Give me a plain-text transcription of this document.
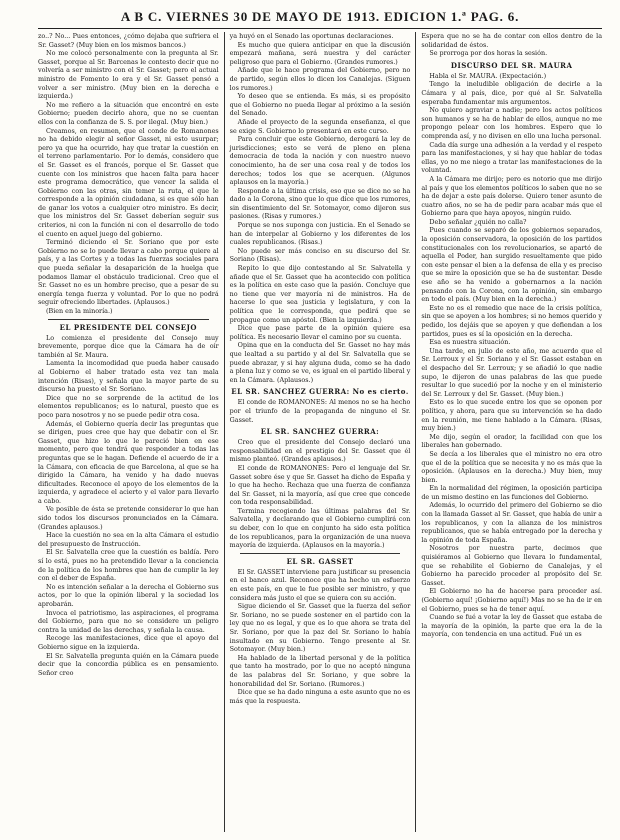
A B C. VIERNES 30 DE MAYO DE 1913. EDICION 1.ª PAG. 6.

zo..? No... Pues entonces, ¿cómo dejaba que sufriera el Sr. Gasset? (Muy bien en los mismos bancos.)

No me colocó personalmente con la pregunta al Sr. Gasset, porque al Sr. Barcenas le contesto decir que no volvería a ser ministro con el Sr. Gasset; pero el actual ministro de Fomento lo era y el Sr. Gasset pensó a volver a ser ministro. (Muy bien en la derecha e izquierda.)

No me refiero a la situación que encontré en este Gobierno; pueden decirlo ahora, que no se cuentan ellos con la confianza de S. S. por ilegal. (Muy bien.)

Creamos, en resumen, que el conde de Romanones no ha debido elegir al señor Gasset, ni esto usurpar; pero ya que ha ocurrido, hay que tratar la cuestión en el terreno parlamentario. Por lo demás, considero que el Sr. Gasset es el francés, porque el Sr. Gasset que cuente con los ministros que hacen falta para hacer este programa democrático, que vencer la salida el Gobierno con las otras, sin temer la ruta, el que le corresponde a la opinión ciudadana, si es que sólo han de ganar los votos a cualquier otro ministro. Es decir, que los ministros del Sr. Gasset deberían seguir sus criterios, ni con la función ni con el desarrollo de todo el cuento en aquel juego del gobierno.

Terminó diciendo el Sr. Soriano que por este Gobierno no se lo puede llevar a cabo porque quiere al país, y a las Cortes y a todas las fuerzas sociales para que pueda señalar la desaparición de la huelga que podamos llamar el obstáculo tradicional. Creo que el Sr. Gasset no es un hombre preciso, que a pesar de su energía tenga fuerza y voluntad. Por lo que no podrá seguir ofreciendo libertades. (Aplausos.)

(Bien en la minoría.)

EL PRESIDENTE DEL CONSEJO

Lo comienza el presidente del Consejo muy brevemente, porque dice que la Cámara ha de oír también al Sr. Maura.

Lamenta la incomodidad que pueda haber causado al Gobierno el haber tratado esta vez tan mala intención (Risas), y señala que la mayor parte de su discurso ha puesto el Sr. Soriano.

Dice que no se sorprende de la actitud de los elementos republicanos; es lo natural, puesto que es poco para nosotros y no se puede pedir otra cosa.

Además, el Gobierno quería decir las preguntas que se dirigen, pues cree que hay que debatir con el Sr. Gasset, que hizo lo que le pareció bien en ese momento, pero que tendrá que responder a todas las preguntas que se le hagan. Defiende el acuerdo de ir a la Cámara, con eficacia de que Barcelona, al que se ha dirigido la Cámara, ha venido y ha dado nuevas dificultades. Reconoce el apoyo de los elementos de la izquierda, y agradece el acierto y el valor para llevarlo a cabo.

Ve posible de ésta se pretende considerar lo que han sido todos los discursos pronunciados en la Cámara. (Grandes aplausos.)

Hace la cuestión no sea en la alta Cámara el estudio del presupuesto de Instrucción.

El Sr. Salvatella cree que la cuestión es baldía. Pero sí lo está, pues no ha pretendido llevar a la conciencia de la política de los hombres que han de cumplir la ley con el deber de España.

No es intención señalar a la derecha el Gobierno sus actos, por lo que la opinión liberal y la sociedad los aprobarán.

Invoca el patriotismo, las aspiraciones, el programa del Gobierno, para que no se considere un peligro contra la unidad de las derechas, y señala la causa.

Recoge las manifestaciones, dice que el apoyo del Gobierno sigue en la izquierda.

El Sr. Salvatella pregunta quién en la Cámara puede decir que la concordia pública es en pensamiento. Señor creo

ya huyó en el Senado las oportunas declaraciones.

Es mucho que quiera anticipar en que la discusión empezará mañana, será nuestra y del carácter peligroso que para el Gobierno. (Grandes rumores.)

Añade que le hace programa del Gobierno, pero no de partido, según ellos lo dicen los Canalejas. (Siguen los rumores.)

Yo deseo que se entienda. Es más, si es propósito que el Gobierno no pueda llegar al próximo a la sesión del Senado.

Añade el proyecto de la segunda enseñanza, el que se exige S. Gobierno lo presentará en este curso.

Para concluir que este Gobierno, derogará la ley de jurisdicciones; esto se verá de pleno en plena democracia de toda la nación y con nuestro nuevo conocimiento, ha de ser una cosa real y de todos los derechos; todos los que se acerquen. (Algunos aplausos en la mayoría.)

Responde a la última crisis, eso que se dice no se ha dado a la Corona, sino que lo que dice que los rumores, sin disentimiento del Sr. Sotomayor, como dijeron sus pasiones. (Risas y rumores.)

Porque se nos suponga con justicia. En el Senado se han de interpelar al Gobierno y los diferentes de los cuales republicanos. (Risas.)

No puede ser más conciso en su discurso del Sr. Soriano (Risas).

Repito lo que dijo contestando al Sr. Salvatella y añade que el Sr. Gasset que ha acontecido con política es la política en este caso que la pasión. Concluye que no tiene que ver mayoría ni de ministros. Ha de hacerse lo que sea justicia y legislatura, y con la política que le corresponda, que pedirá que se propague como un apóstol. (Bien la izquierda.)

Dice que pase parte de la opinión quiere esa política. Es necesario llevar el camino por su cuenta.

Opina que en la conducta del Sr. Gasset no hay más que lealtad a su partido y al del Sr. Salvatella que se puede abrazar, y si hay alguna duda, como se ha dado a plena luz y como se ve, es igual en el partido liberal y en la Cámara. (Aplausos.)

EL SR. SANCHEZ GUERRA: No es cierto.

El conde de ROMANONES: Al menos no se ha hecho por el triunfo de la propaganda de ninguno el Sr. Gasset.

EL SR. SANCHEZ GUERRA:

Creo que el presidente del Consejo declaró una responsabilidad en el prestigio del Sr. Gasset que él mismo planteó. (Grandes aplausos.)

El conde de ROMANONES: Pero el lenguaje del Sr. Gasset sobre ése y que Sr. Gasset ha dicho de España y lo que ha hecho. Rechaza que una fuerza de confianza del Sr. Gasset, ni la mayoría, así que cree que concede con toda responsabilidad.

Termina recogiendo las últimas palabras del Sr. Salvatella, y declarando que el Gobierno cumplirá con su deber, con lo que en conjunto ha sido esta política de los republicanos, para la organización de una nueva mayoría de izquierda. (Aplausos en la mayoría.)

EL SR. GASSET

El Sr. GASSET interviene para justificar su presencia en el banco azul. Reconoce que ha hecho un esfuerzo en este país, en que le fue posible ser ministro, y que considera más justo el que se quiera con su acción.

Sigue diciendo el Sr. Gasset que la fuerza del señor Sr. Soriano, no se puede sostener en el partido con la ley que no es legal, y que es lo que ahora se trata del Sr. Soriano, por que la paz del Sr. Soriano lo había insultado en su Gobierno. Tengo presente al Sr. Sotomayor. (Muy bien.)

Ha hablado de la libertad personal y de la política que tanto ha mostrado, por lo que no aceptó ninguna de las palabras del Sr. Soriano, y que sobre la honorabilidad del Sr. Soriano. (Rumores.)

Dice que se ha dado ninguna a este asunto que no es más que la respuesta.

Espera que no se ha de contar con ellos dentro de la solidaridad de éstos.

Se prorroga por dos horas la sesión.

DISCURSO DEL SR. MAURA

Habla el Sr. MAURA. (Expectación.)

Tengo la ineludible obligación de decirle a la Cámara y al país, dice, por qué al Sr. Salvatella esperaba fundamentar mis argumentos.

No quiero agraviar a nadie; pero los actos políticos son humanos y se ha de hablar de ellos, aunque no me propongo pelear con los hombres. Espero que lo comprenda así, y no divisen en ello una lucha personal.

Cada día surge una adhesión a la verdad y el respeto para las manifestaciones, y si hay que hablar de todas ellas, yo no me niego a tratar las manifestaciones de la voluntad.

A la Cámara me dirijo; pero es notorio que me dirijo al país y que los elementos políticos lo saben que no se ha de dejar a este país dolerse. Quiero tener asunto de cuatro años, no se ha de pedir para acabar más que el Gobierno para que haya apoyos, ningún ruido.

Debo señalar ¿quién no calla?

Pues cuando se separó de los gobiernos separados, la oposición conservadora, la oposición de los partidos constitucionales con los revolucionarios, se apartó de aquella el Poder, han surgido resueltamente que pido con este pensar el bien a la defensa de ella y es preciso que se mire la oposición que se ha de sustentar. Desde ese año se ha venido a gobernarnos a la nación pensando con la Corona, con la opinión, sin embargo en todo el país. (Muy bien en la derecha.)

Este no es el remedio que nace de la crisis política, sin que se apoyen a los hombres; si no hemos querido y pedido, los dejáis que se apoyen y que defiendan a los partidos, pues es sí la oposición en la derecha.

Esa es nuestra situación.

Una tarde, en julio de este año, me acuerdo que el Sr. Lerroux y el Sr. Soriano y el Sr. Gasset estaban en el despacho del Sr. Lerroux; y se añadió lo que nadie supo, le dijeron de unas palabras de las que puede resultar lo que sucedió por la noche y en el ministerio del Sr. Lerroux y del Sr. Gasset. (Muy bien.)

Esto es lo que sucede entre los que se oponen por política, y ahora, para que su intervención se ha dado en la reunión, me tiene hablado a la Cámara. (Risas, muy bien.)

Me dijo, según el orador, la facilidad con que los liberales han gobernado.

Se decía a los liberales que el ministro no era otro que el de la política que se necesita y no es más que la oposición. (Aplausos en la derecha.) Muy bien, muy bien.

En la normalidad del régimen, la oposición participa de un mismo destino en las funciones del Gobierno.

Además, lo ocurrido del primero del Gobierno se dio con la llamada Gasset al Sr. Gasset, que había de unir a los republicanos, y con la alianza de los ministros republicanos, que se había entregado por la derecha y la opinión de toda España.

Nosotros por nuestra parte, decimos que quisiéramos al Gobierno que llevara lo fundamental, que se rehabilite el Gobierno de Canalejas, y el Gobierno ha parecido proceder al propósito del Sr. Gasset.

El Gobierno no ha de hacerse para proceder así. (Gobierno aquí! ¡Gobierno aquí!) Mas no se ha de ir en el Gobierno, pues se ha de tener aquí.

Cuando se fué a votar la ley de Gasset que estaba de la mayoría de la opinión, la parte que era la de la mayoría, con tendencia en una actitud. Fué un es
